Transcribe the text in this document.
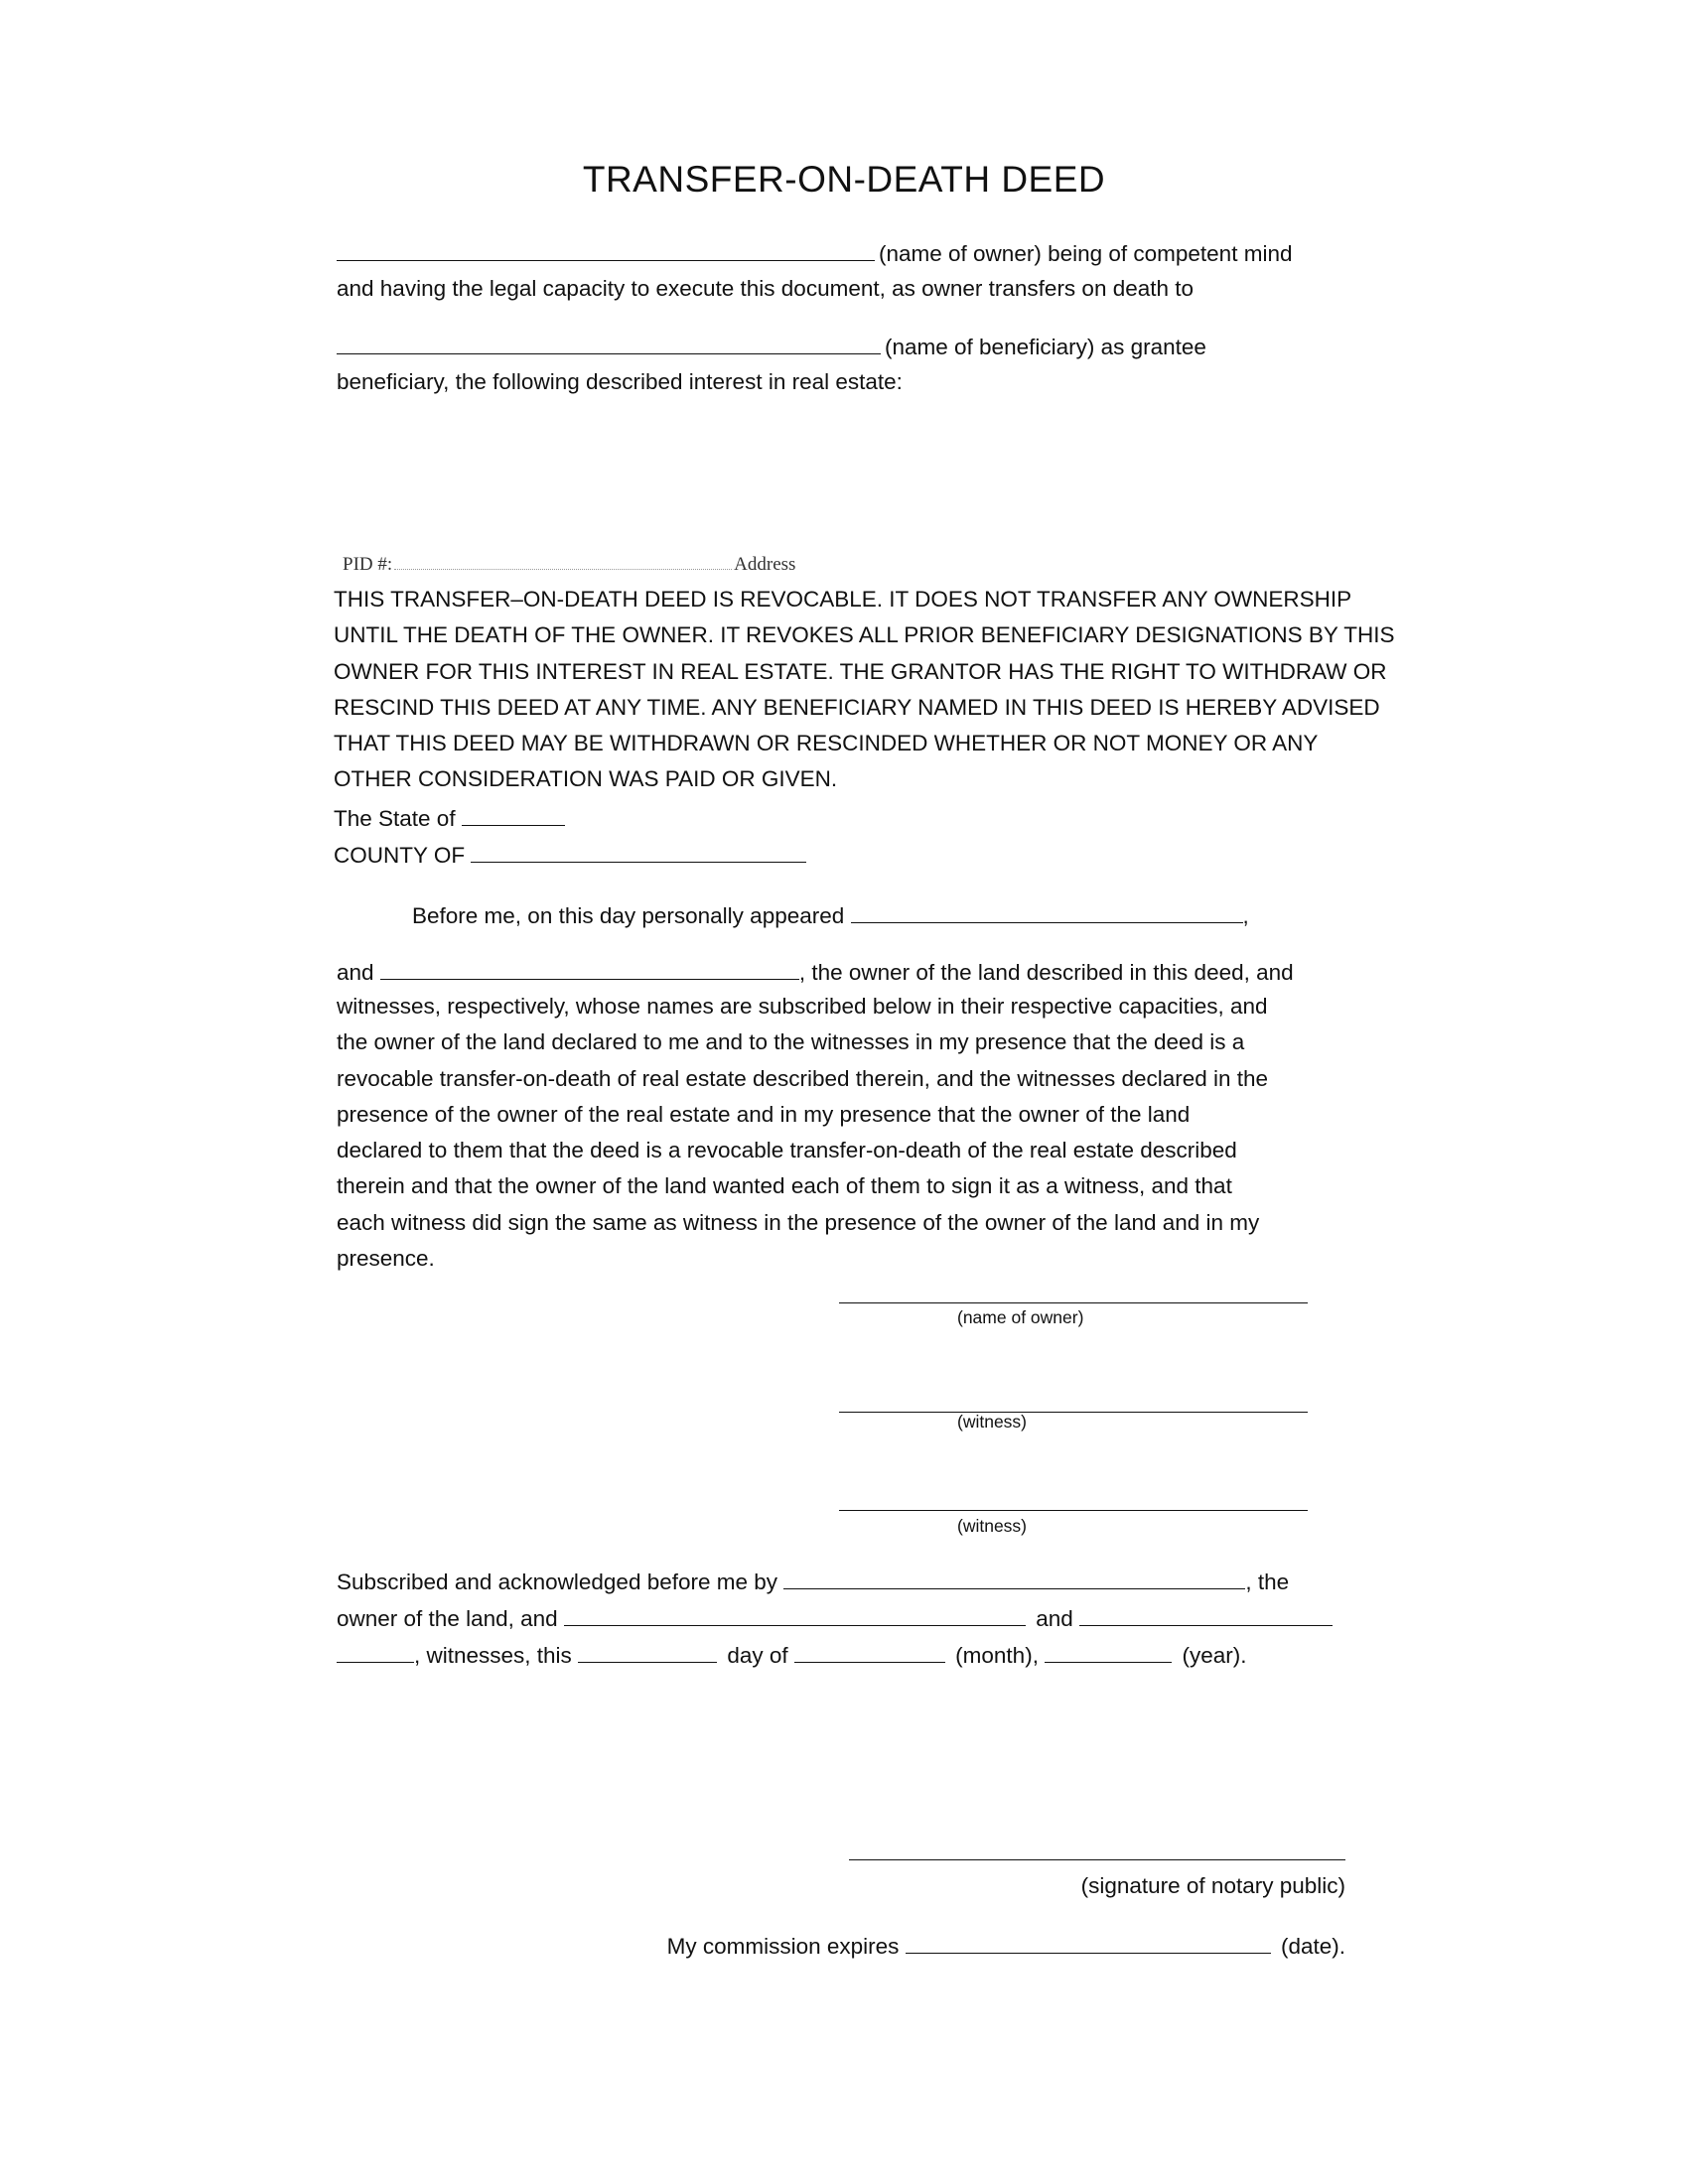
TRANSFER-ON-DEATH DEED
(name of owner) being of competent mind
and having the legal capacity to execute this document, as owner transfers on death to
(name of beneficiary) as grantee
beneficiary, the following described interest in real estate:
PID #:	Address
THIS TRANSFER–ON-DEATH DEED IS REVOCABLE. IT DOES NOT TRANSFER ANY OWNERSHIP
UNTIL THE DEATH OF THE OWNER. IT REVOKES ALL PRIOR BENEFICIARY DESIGNATIONS BY THIS
OWNER FOR THIS INTEREST IN REAL ESTATE. THE GRANTOR HAS THE RIGHT TO WITHDRAW OR
RESCIND THIS DEED AT ANY TIME. ANY BENEFICIARY NAMED IN THIS DEED IS HEREBY ADVISED
THAT THIS DEED MAY BE WITHDRAWN OR RESCINDED WHETHER OR NOT MONEY OR ANY
OTHER CONSIDERATION WAS PAID OR GIVEN.
The State of
COUNTY OF
Before me, on this day personally appeared	,
and	, the owner of the land described in this deed, and
witnesses, respectively, whose names are subscribed below in their respective capacities, and
the owner of the land declared to me and to the witnesses in my presence that the deed is a
revocable transfer-on-death of real estate described therein, and the witnesses declared in the
presence of the owner of the real estate and in my presence that the owner of the land
declared to them that the deed is a revocable transfer-on-death of the real estate described
therein and that the owner of the land wanted each of them to sign it as a witness, and that
each witness did sign the same as witness in the presence of the owner of the land and in my
presence.
(name of owner)
(witness)
(witness)
Subscribed and acknowledged before me by	, the
owner of the land, and	and
, witnesses, this	day of	(month),	(year).
(signature of notary public)
My commission expires	(date).
